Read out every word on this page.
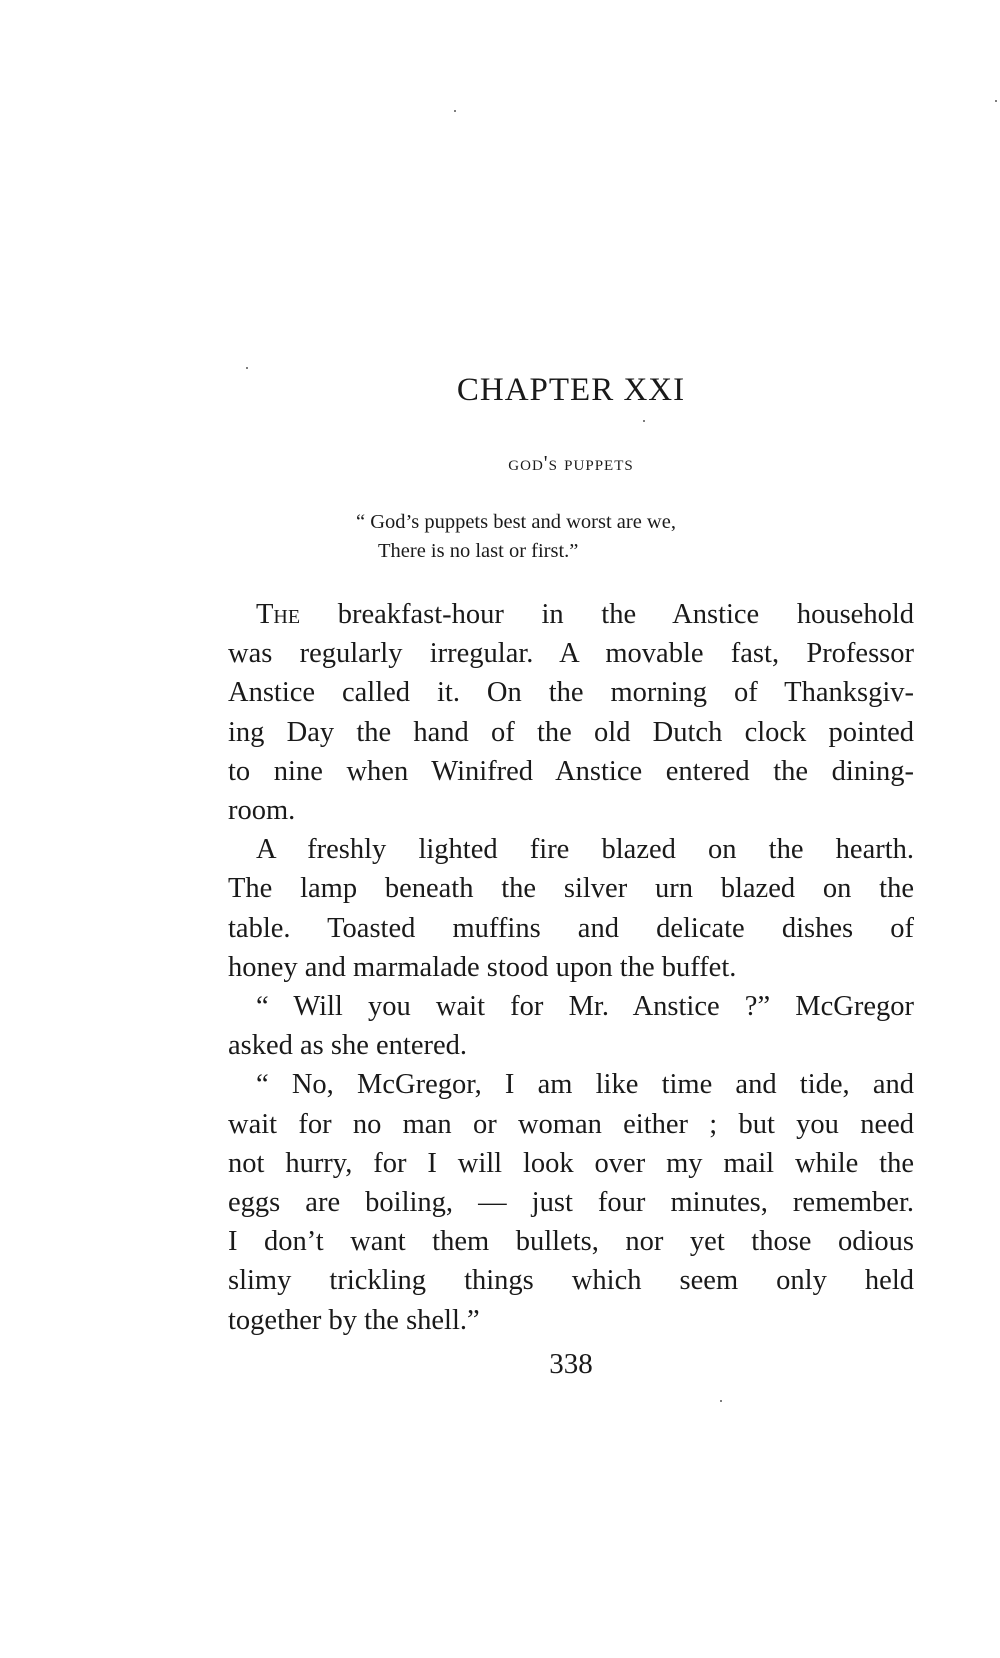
CHAPTER XXI
god's puppets
“ God’s puppets best and worst are we,
There is no last or first.”
The breakfast-hour in the Anstice household
was regularly irregular. A movable fast, Professor
Anstice called it. On the morning of Thanksgiv-
ing Day the hand of the old Dutch clock pointed
to nine when Winifred Anstice entered the dining-
room.
A freshly lighted fire blazed on the hearth.
The lamp beneath the silver urn blazed on the
table. Toasted muffins and delicate dishes of
honey and marmalade stood upon the buffet.
“ Will you wait for Mr. Anstice ?” McGregor
asked as she entered.
“ No, McGregor, I am like time and tide, and
wait for no man or woman either ; but you need
not hurry, for I will look over my mail while the
eggs are boiling, — just four minutes, remember.
I don’t want them bullets, nor yet those odious
slimy trickling things which seem only held
together by the shell.”
338
